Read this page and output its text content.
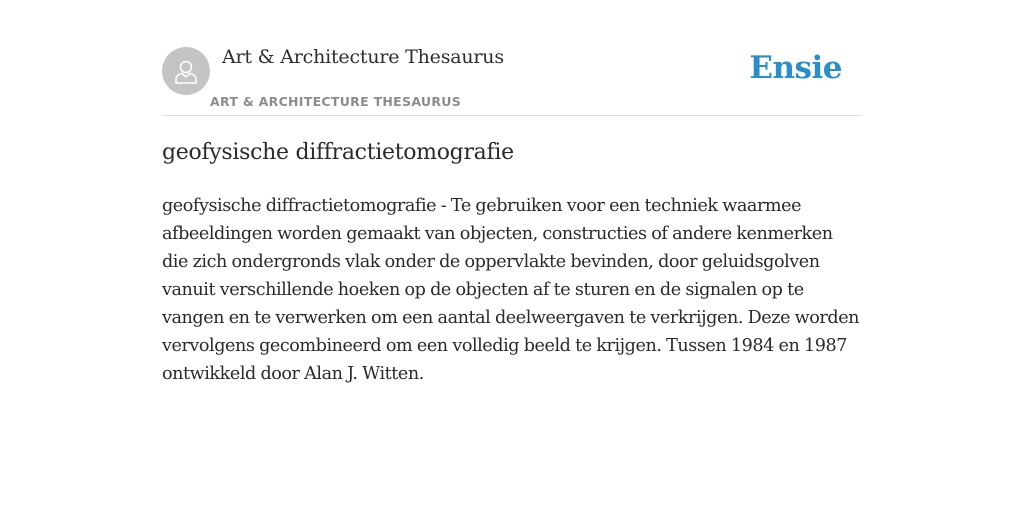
Art & Architecture Thesaurus
ART & ARCHITECTURE THESAURUS
Ensie
geofysische diffractietomografie

geofysische diffractietomografie - Te gebruiken voor een techniek waarmee afbeeldingen worden gemaakt van objecten, constructies of andere kenmerken die zich ondergronds vlak onder de oppervlakte bevinden, door geluidsgolven vanuit verschillende hoeken op de objecten af te sturen en de signalen op te vangen en te verwerken om een aantal deelweergaven te verkrijgen. Deze worden vervolgens gecombineerd om een volledig beeld te krijgen. Tussen 1984 en 1987 ontwikkeld door Alan J. Witten.
